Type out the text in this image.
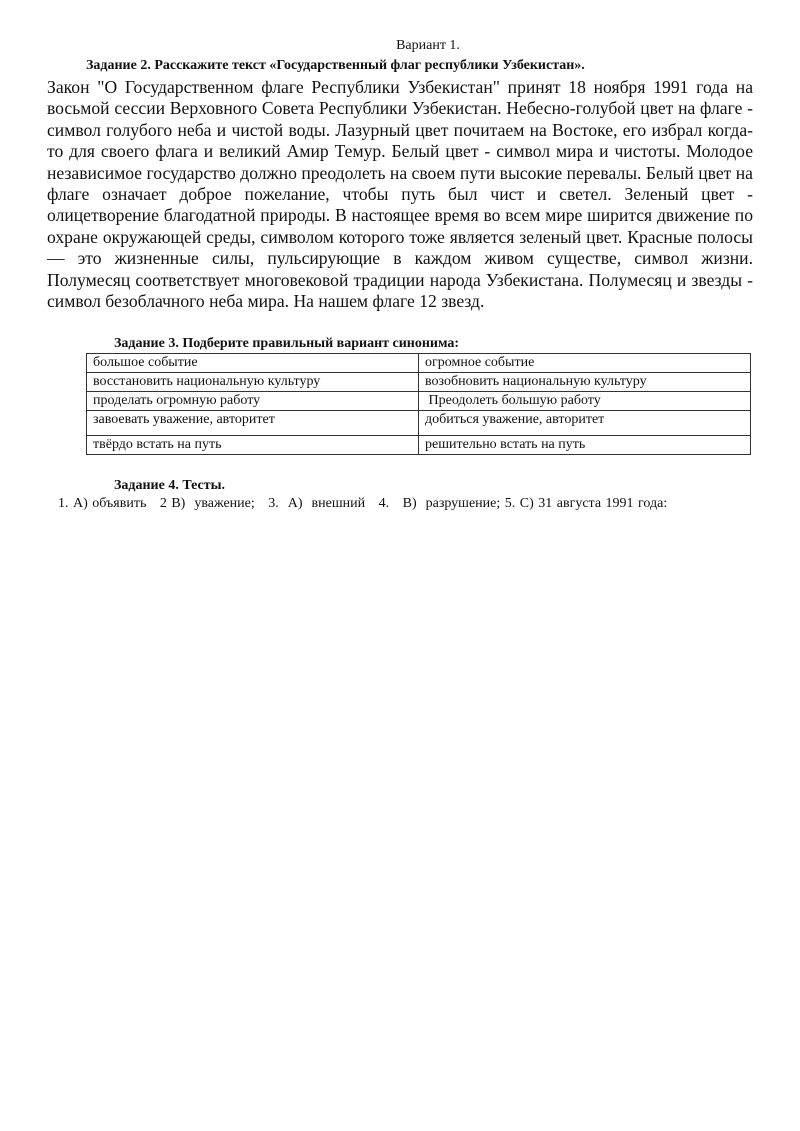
Вариант 1.
Задание 2. Расскажите текст «Государственный флаг республики Узбекистан».
Закон "О Государственном флаге Республики Узбекистан" принят 18 ноября 1991 года на восьмой сессии Верховного Совета Республики Узбекистан. Небесно-голубой цвет на флаге - символ голубого неба и чистой воды. Лазурный цвет почитаем на Востоке, его избрал когда-то для своего флага и великий Амир Темур. Белый цвет - символ мира и чистоты. Молодое независимое государство должно преодолеть на своем пути высокие перевалы. Белый цвет на флаге означает доброе пожелание, чтобы путь был чист и светел. Зеленый цвет - олицетворение благодатной природы. В настоящее время во всем мире ширится движение по охране окружающей среды, символом которого тоже является зеленый цвет. Красные полосы — это жизненные силы, пульсирующие в каждом живом существе, символ жизни. Полумесяц соответствует многовековой традиции народа Узбекистана. Полумесяц и звезды - символ безоблачного неба мира. На нашем флаге 12 звезд.
Задание 3. Подберите правильный вариант синонима:
большое событие	огромное событие
восстановить национальную культуру	возобновить национальную культуру
проделать огромную работу	Преодолеть большую работу
завоевать уважение, авторитет	добиться уважение, авторитет
твёрдо встать на путь	решительно встать на путь
Задание 4. Тесты.
1. А) объявить   2 В)  уважение;   3.  А)  внешний   4.   В)  разрушение; 5. С) 31 августа 1991 года:
